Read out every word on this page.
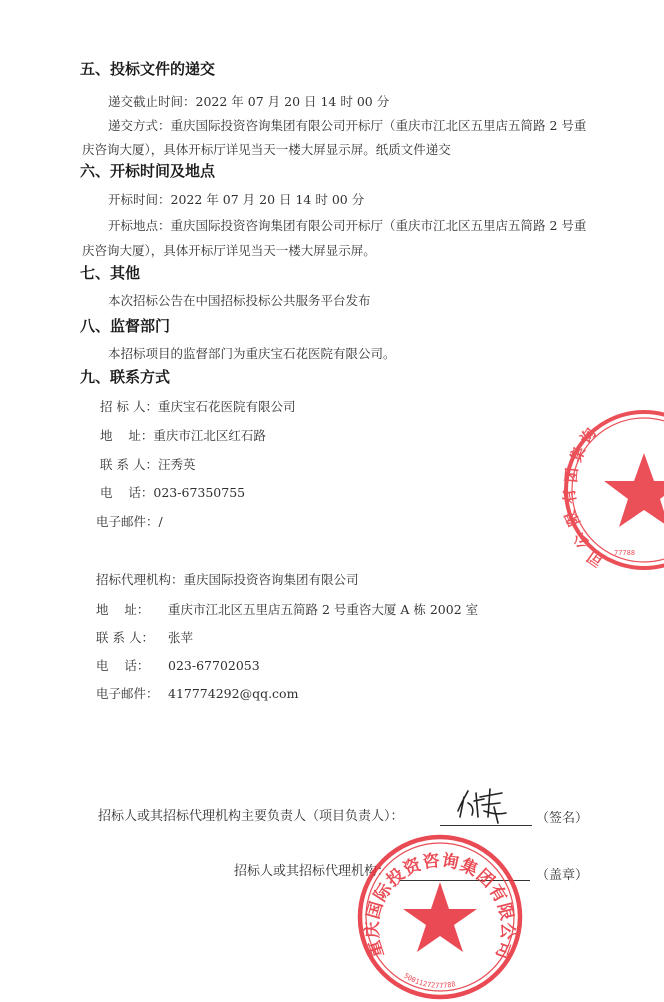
五、投标文件的递交
递交截止时间：2022 年 07 月 20 日 14 时 00 分
递交方式：重庆国际投资咨询集团有限公司开标厅（重庆市江北区五里店五简路 2 号重
庆咨询大厦），具体开标厅详见当天一楼大屏显示屏。纸质文件递交
六、开标时间及地点
开标时间：2022 年 07 月 20 日 14 时 00 分
开标地点：重庆国际投资咨询集团有限公司开标厅（重庆市江北区五里店五简路 2 号重
庆咨询大厦），具体开标厅详见当天一楼大屏显示屏。
七、其他
本次招标公告在中国招标投标公共服务平台发布
八、监督部门
本招标项目的监督部门为重庆宝石花医院有限公司。
九、联系方式
招 标 人：重庆宝石花医院有限公司
地    址：重庆市江北区红石路
联 系 人：汪秀英
电    话：023-67350755
电子邮件：/
招标代理机构：重庆国际投资咨询集团有限公司
地    址： 重庆市江北区五里店五简路 2 号重咨大厦 A 栋 2002 室
联 系 人： 张苹
电    话： 023-67702053
电子邮件： 417774292@qq.com
招标人或其招标代理机构主要负责人（项目负责人）：	（签名）
招标人或其招标代理机构：	（盖章）
询
集
团
有
限
公
司 77788
重庆国际投资咨询集团有限公司
5001127277788
